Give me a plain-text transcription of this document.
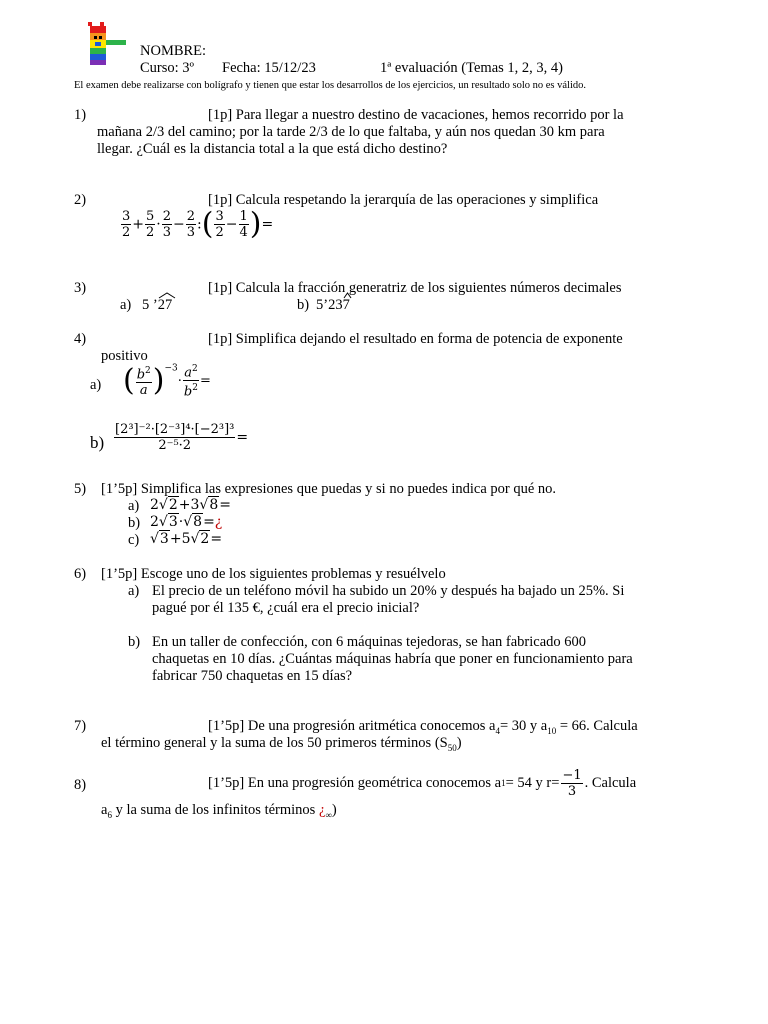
NOMBRE:
Curso: 3º Fecha: 15/12/23	1ª evaluación (Temas 1, 2, 3, 4)
El examen debe realizarse con bolígrafo y tienen que estar los desarrollos de los ejercicios, un resultado solo no es válido.
1)	[1p] Para llegar a nuestro destino de vacaciones, hemos recorrido por la
mañana 2/3 del camino; por la tarde 2/3 de lo que faltaba, y aún nos quedan 30 km para
llegar. ¿Cuál es la distancia total a la que está dicho destino?
2)	[1p] Calcula respetando la jerarquía de las operaciones y simplifica
$\frac{3}{2} + \frac{5}{2} \cdot \frac{2}{3} - \frac{2}{3}$ :( $\frac{3}{2} - \frac{1}{4}$ )=
3)	[1p] Calcula la fracción generatriz de los siguientes números decimales
a) 5 ’
27	b) 5’23
7
4)	[1p] Simplifica dejando el resultado en forma de potencia de exponente
positivo
a) ( $\frac{b^2}{a} )^{-3}\cdot \frac{a^2}{b^2}$ =
$b) \frac{\text{[2³]⁻²·[2⁻³]⁴·[−2³]³}}{\text{2⁻⁵·2}}$ =
5) [1’5p] Simplifica las expresiones que puedas y si no puedes indica por qué no.
a) 2√2+3√8=
b) 2√3·√8=¿
c) √3+5√2=
6) [1’5p] Escoge uno de los siguientes problemas y resuélvelo
a) El precio de un teléfono móvil ha subido un 20% y después ha bajado un 25%. Si
pagué por él 135 €, ¿cuál era el precio inicial?
b) En un taller de confección, con 6 máquinas tejedoras, se han fabricado 600
chaquetas en 10 días. ¿Cuántas máquinas habría que poner en funcionamiento para
fabricar 750 chaquetas en 15 días?
7)	[1’5p] De una progresión aritmética conocemos $a_4= 30$ y $a_{10} = 66$. Calcula
el término general y la suma de los 50 primeros términos $(S_{50})$
8)	[1’5p] En una progresión geométrica conocemos a 1 = 54 y $r= \frac{-1}{3}$ . Calcula
$a_6$ y la suma de los infinitos términos ¿$_\infty$)
